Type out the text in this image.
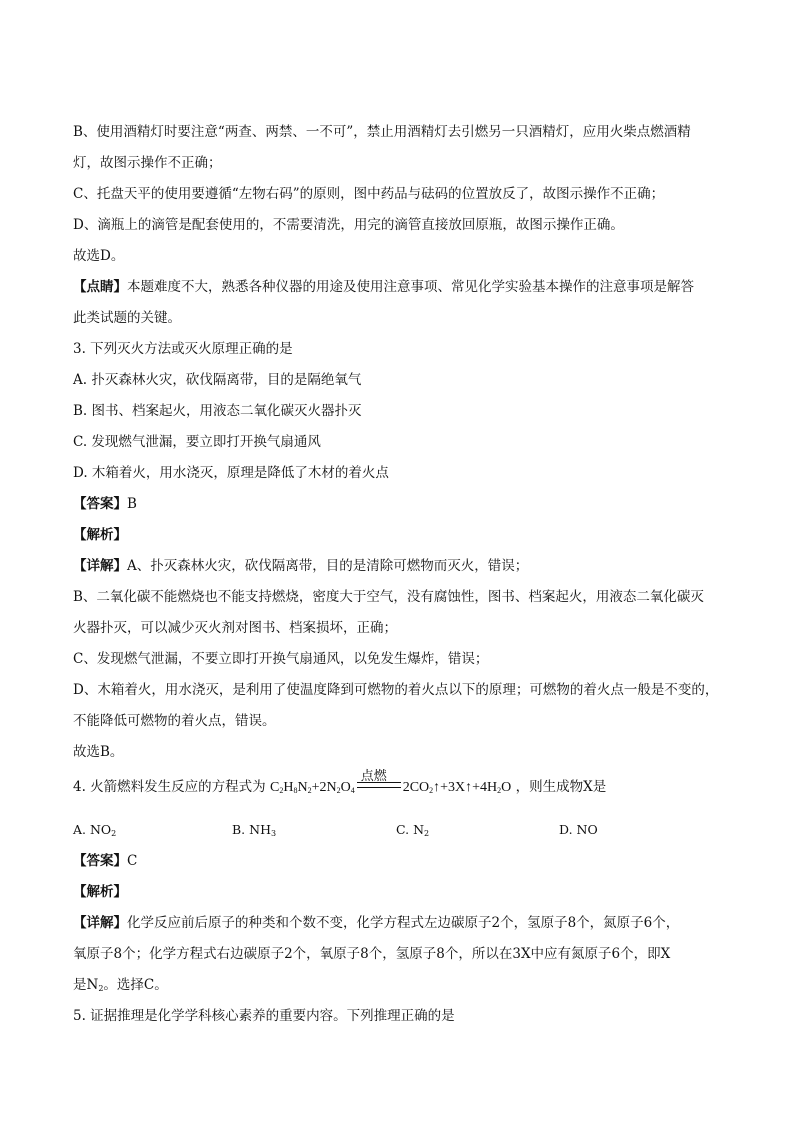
B、使用酒精灯时要注意“两查、两禁、一不可”，禁止用酒精灯去引燃另一只酒精灯，应用火柴点燃酒精
灯，故图示操作不正确；
C、托盘天平的使用要遵循“左物右码”的原则，图中药品与砝码的位置放反了，故图示操作不正确；
D、滴瓶上的滴管是配套使用的，不需要清洗，用完的滴管直接放回原瓶，故图示操作正确。
故选D。
【点睛】本题难度不大，熟悉各种仪器的用途及使用注意事项、常见化学实验基本操作的注意事项是解答
此类试题的关键。
3. 下列灭火方法或灭火原理正确的是
A. 扑灭森林火灾，砍伐隔离带，目的是隔绝氧气
B. 图书、档案起火，用液态二氧化碳灭火器扑灭
C. 发现燃气泄漏，要立即打开换气扇通风
D. 木箱着火，用水浇灭，原理是降低了木材的着火点
【答案】B
【解析】
【详解】A、扑灭森林火灾，砍伐隔离带，目的是清除可燃物而灭火，错误；
B、二氧化碳不能燃烧也不能支持燃烧，密度大于空气，没有腐蚀性，图书、档案起火，用液态二氧化碳灭
火器扑灭，可以减少灭火剂对图书、档案损坏，正确；
C、发现燃气泄漏，不要立即打开换气扇通风，以免发生爆炸，错误；
D、木箱着火，用水浇灭，是利用了使温度降到可燃物的着火点以下的原理；可燃物的着火点一般是不变的，
不能降低可燃物的着火点，错误。
故选B。
4. 火箭燃料发生反应的方程式为 $C_2H_8N_2+2N_2O_4$
点燃
$2CO_2↑+3X↑+4H_2O$ ，则生成物X是
A. $NO_2$	B. $NH_3$	C. $N_2$	D. NO
【答案】C
【解析】
【详解】化学反应前后原子的种类和个数不变，化学方程式左边碳原子2个，氢原子8个，氮原子6个，
氧原子8个；化学方程式右边碳原子2个，氧原子8个，氢原子8个，所以在3X中应有氮原子6个，即X
是$N_2$。选择C。
5. 证据推理是化学学科核心素养的重要内容。下列推理正确的是
